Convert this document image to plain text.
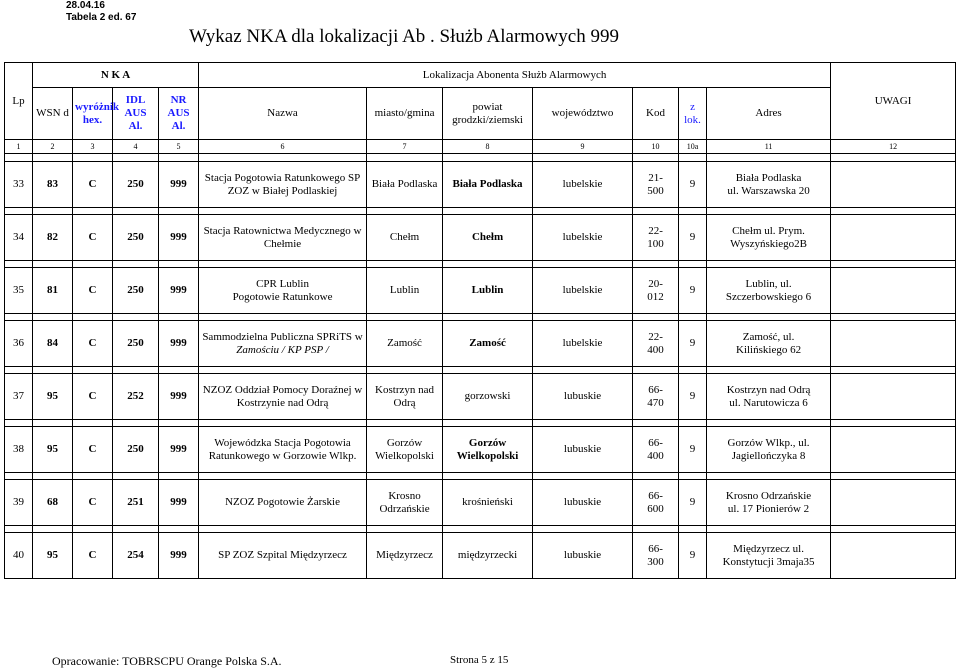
28.04.16
Tabela 2 ed. 67
Wykaz NKA dla lokalizacji Ab . Służb Alarmowych 999
Lp	N K A				Lokalizacja Abonenta Służb Alarmowych							UWAGI
	WSN d	wyróżnik
hex.	IDL
AUS
Al.	NR
AUS
Al.	Nazwa	miasto/gmina	powiat
grodzki/ziemski	województwo	Kod	z
lok.	Adres	
1	2	3	4	5	6	7	8	9	10	10a	11	12

33	83	C	250	999	Stacja Pogotowia Ratunkowego SP
ZOZ w Białej Podlaskiej	Biała Podlaska	Biała Podlaska	lubelskie	21-
500	9	Biała Podlaska
ul. Warszawska 20	

34	82	C	250	999	Stacja Ratownictwa Medycznego w
Chełmie	Chełm	Chełm	lubelskie	22-
100	9	Chełm ul. Prym.
Wyszyńskiego2B	

35	81	C	250	999	CPR Lublin
Pogotowie Ratunkowe	Lublin	Lublin	lubelskie	20-
012	9	Lublin, ul.
Szczerbowskiego 6	

36	84	C	250	999	Sammodzielna Publiczna SPRiTS w
Zamościu / KP PSP /	Zamość	Zamość	lubelskie	22-
400	9	Zamość, ul.
Kilińskiego 62	

37	95	C	252	999	NZOZ Oddział Pomocy Doraźnej w
Kostrzynie nad Odrą	Kostrzyn nad
Odrą	gorzowski	lubuskie	66-
470	9	Kostrzyn nad Odrą
ul. Narutowicza 6	

38	95	C	250	999	Wojewódzka Stacja Pogotowia
Ratunkowego w Gorzowie Wlkp.	Gorzów
Wielkopolski	Gorzów
Wielkopolski	lubuskie	66-
400	9	Gorzów Wlkp., ul.
Jagiellończyka 8	

39	68	C	251	999	NZOZ Pogotowie Żarskie	Krosno
Odrzańskie	krośnieński	lubuskie	66-
600	9	Krosno Odrzańskie
ul. 17 Pionierów 2	

40	95	C	254	999	SP ZOZ Szpital Międzyrzecz	Międzyrzecz	międzyrzecki	lubuskie	66-
300	9	Międzyrzecz ul.
Konstytucji 3maja35	
Opracowanie: TOBRSCPU Orange Polska S.A.	Strona 5 z 15
